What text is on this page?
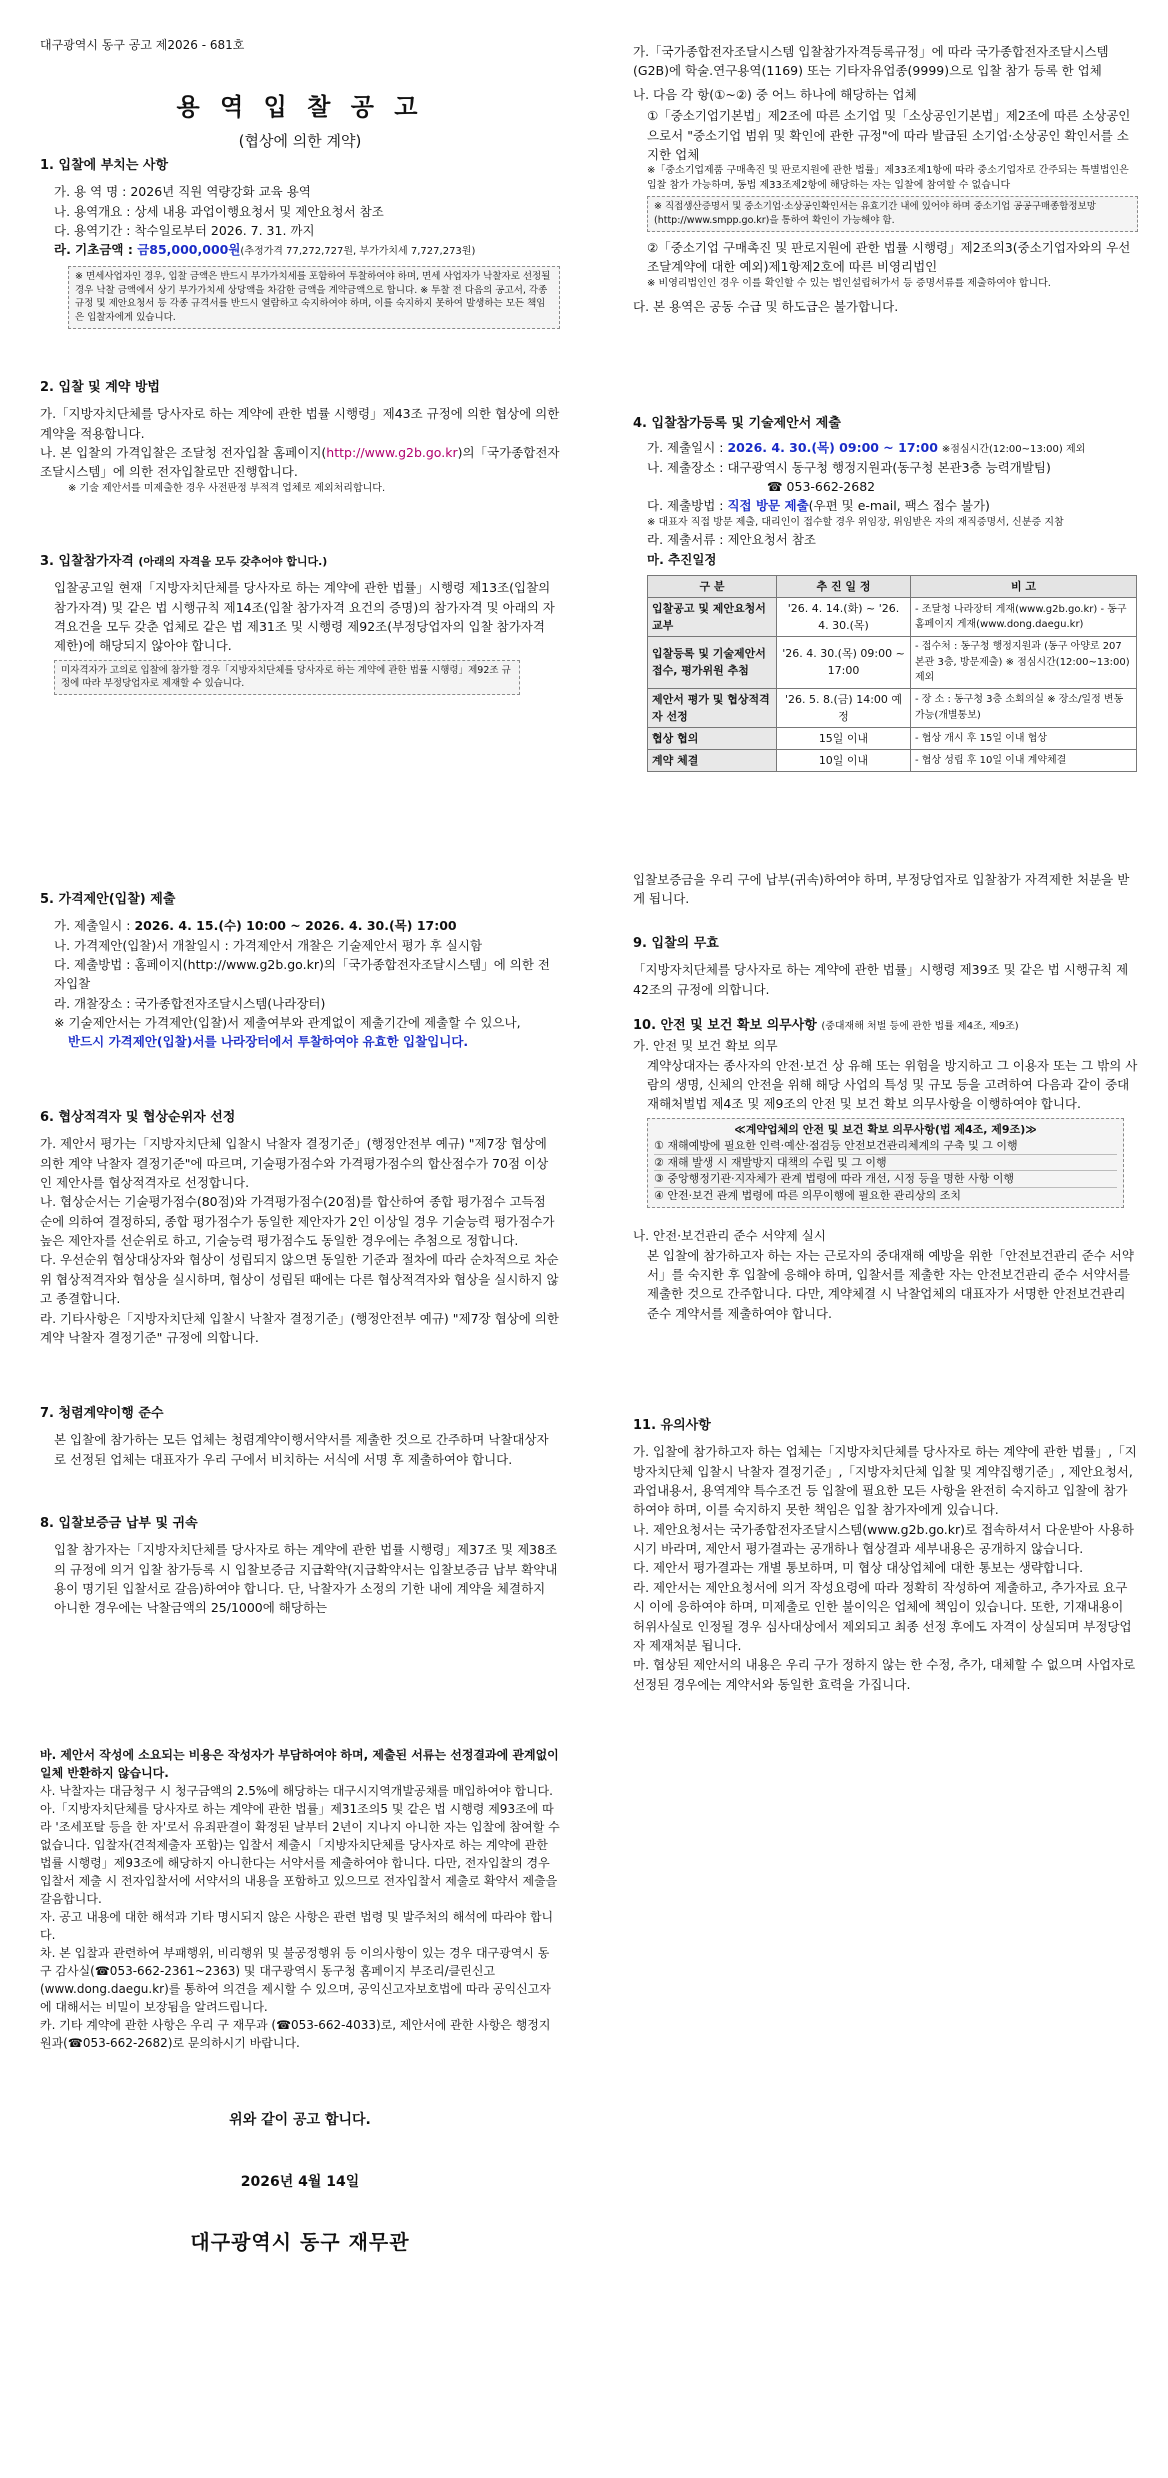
대구광역시 동구 공고 제2026 - 681호
용 역 입 찰 공 고
(협상에 의한 계약)
1. 입찰에 부치는 사항
가. 용 역 명 : 2026년 직원 역량강화 교육 용역
나. 용역개요 : 상세 내용 과업이행요청서 및 제안요청서 참조
다. 용역기간 : 착수일로부터 2026. 7. 31. 까지
라. 기초금액 : 금85,000,000원(추정가격 77,272,727원, 부가가치세 7,727,273원)
※ 면세사업자인 경우, 입찰 금액은 반드시 부가가치세를 포함하여 투찰하여야 하며, 면세 사업자가 낙찰자로 선정될 경우 낙찰 금액에서 상기 부가가치세 상당액을 차감한 금액을 계약금액으로 합니다. ※ 투찰 전 다음의 공고서, 각종 규정 및 제안요청서 등 각종 규격서를 반드시 열람하고 숙지하여야 하며, 이를 숙지하지 못하여 발생하는 모든 책임은 입찰자에게 있습니다.
2. 입찰 및 계약 방법
가.「지방자치단체를 당사자로 하는 계약에 관한 법률 시행령」제43조 규정에 의한 협상에 의한 계약을 적용합니다.
나. 본 입찰의 가격입찰은 조달청 전자입찰 홈페이지(http://www.g2b.go.kr)의「국가종합전자조달시스템」에 의한 전자입찰로만 진행합니다.
※ 기술 제안서를 미제출한 경우 사전판정 부적격 업체로 제외처리합니다.
3. 입찰참가자격 (아래의 자격을 모두 갖추어야 합니다.)
입찰공고일 현재「지방자치단체를 당사자로 하는 계약에 관한 법률」시행령 제13조(입찰의 참가자격) 및 같은 법 시행규칙 제14조(입찰 참가자격 요건의 증명)의 참가자격 및 아래의 자격요건을 모두 갖춘 업체로 같은 법 제31조 및 시행령 제92조(부정당업자의 입찰 참가자격 제한)에 해당되지 않아야 합니다.
미자격자가 고의로 입찰에 참가할 경우「지방자치단체를 당사자로 하는 계약에 관한 법률 시행령」제92조 규정에 따라 부정당업자로 제재할 수 있습니다.
5. 가격제안(입찰) 제출
가. 제출일시 : 2026. 4. 15.(수) 10:00 ~ 2026. 4. 30.(목) 17:00
나. 가격제안(입찰)서 개찰일시 : 가격제안서 개찰은 기술제안서 평가 후 실시함
다. 제출방법 : 홈페이지(http://www.g2b.go.kr)의「국가종합전자조달시스템」에 의한 전자입찰
라. 개찰장소 : 국가종합전자조달시스템(나라장터)
※ 기술제안서는 가격제안(입찰)서 제출여부와 관계없이 제출기간에 제출할 수 있으나,
반드시 가격제안(입찰)서를 나라장터에서 투찰하여야 유효한 입찰입니다.
6. 협상적격자 및 협상순위자 선정
가. 제안서 평가는「지방자치단체 입찰시 낙찰자 결정기준」(행정안전부 예규) "제7장 협상에 의한 계약 낙찰자 결정기준"에 따르며, 기술평가점수와 가격평가점수의 합산점수가 70점 이상인 제안사를 협상적격자로 선정합니다.
나. 협상순서는 기술평가점수(80점)와 가격평가점수(20점)를 합산하여 종합 평가점수 고득점 순에 의하여 결정하되, 종합 평가점수가 동일한 제안자가 2인 이상일 경우 기술능력 평가점수가 높은 제안자를 선순위로 하고, 기술능력 평가점수도 동일한 경우에는 추첨으로 정합니다.
다. 우선순위 협상대상자와 협상이 성립되지 않으면 동일한 기준과 절차에 따라 순차적으로 차순위 협상적격자와 협상을 실시하며, 협상이 성립된 때에는 다른 협상적격자와 협상을 실시하지 않고 종결합니다.
라. 기타사항은「지방자치단체 입찰시 낙찰자 결정기준」(행정안전부 예규) "제7장 협상에 의한 계약 낙찰자 결정기준" 규정에 의합니다.
7. 청렴계약이행 준수
본 입찰에 참가하는 모든 업체는 청렴계약이행서약서를 제출한 것으로 간주하며 낙찰대상자로 선정된 업체는 대표자가 우리 구에서 비치하는 서식에 서명 후 제출하여야 합니다.
8. 입찰보증금 납부 및 귀속
입찰 참가자는「지방자치단체를 당사자로 하는 계약에 관한 법률 시행령」제37조 및 제38조의 규정에 의거 입찰 참가등록 시 입찰보증금 지급확약(지급확약서는 입찰보증금 납부 확약내용이 명기된 입찰서로 갈음)하여야 합니다. 단, 낙찰자가 소정의 기한 내에 계약을 체결하지 아니한 경우에는 낙찰금액의 25/1000에 해당하는
바. 제안서 작성에 소요되는 비용은 작성자가 부담하여야 하며, 제출된 서류는 선정결과에 관계없이 일체 반환하지 않습니다.
사. 낙찰자는 대금청구 시 청구금액의 2.5%에 해당하는 대구시지역개발공채를 매입하여야 합니다.
아.「지방자치단체를 당사자로 하는 계약에 관한 법률」제31조의5 및 같은 법 시행령 제93조에 따라 '조세포탈 등을 한 자'로서 유죄판결이 확정된 날부터 2년이 지나지 아니한 자는 입찰에 참여할 수 없습니다. 입찰자(견적제출자 포함)는 입찰서 제출시「지방자치단체를 당사자로 하는 계약에 관한 법률 시행령」제93조에 해당하지 아니한다는 서약서를 제출하여야 합니다. 다만, 전자입찰의 경우 입찰서 제출 시 전자입찰서에 서약서의 내용을 포함하고 있으므로 전자입찰서 제출로 확약서 제출을 갈음합니다.
자. 공고 내용에 대한 해석과 기타 명시되지 않은 사항은 관련 법령 및 발주처의 해석에 따라야 합니다.
차. 본 입찰과 관련하여 부패행위, 비리행위 및 불공정행위 등 이의사항이 있는 경우 대구광역시 동구 감사실(☎053-662-2361~2363) 및 대구광역시 동구청 홈페이지 부조리/클린신고(www.dong.daegu.kr)를 통하여 의견을 제시할 수 있으며, 공익신고자보호법에 따라 공익신고자에 대해서는 비밀이 보장됨을 알려드립니다.
카. 기타 계약에 관한 사항은 우리 구 재무과 (☎053-662-4033)로, 제안서에 관한 사항은 행정지원과(☎053-662-2682)로 문의하시기 바랍니다.
위와 같이 공고 합니다.
2026년 4월 14일
대구광역시 동구 재무관
가.「국가종합전자조달시스템 입찰참가자격등록규정」에 따라 국가종합전자조달시스템(G2B)에 학술.연구용역(1169) 또는 기타자유업종(9999)으로 입찰 참가 등록 한 업체
나. 다음 각 항(①~②) 중 어느 하나에 해당하는 업체
①「중소기업기본법」제2조에 따른 소기업 및「소상공인기본법」제2조에 따른 소상공인으로서 "중소기업 범위 및 확인에 관한 규정"에 따라 발급된 소기업·소상공인 확인서를 소지한 업체
※「중소기업제품 구매촉진 및 판로지원에 관한 법률」제33조제1항에 따라 중소기업자로 간주되는 특별법인은 입찰 참가 가능하며, 동법 제33조제2항에 해당하는 자는 입찰에 참여할 수 없습니다
※ 직접생산증명서 및 중소기업·소상공인확인서는 유효기간 내에 있어야 하며 중소기업 공공구매종합정보망(http://www.smpp.go.kr)을 통하여 확인이 가능해야 함.
②「중소기업 구매촉진 및 판로지원에 관한 법률 시행령」제2조의3(중소기업자와의 우선조달계약에 대한 예외)제1항제2호에 따른 비영리법인
※ 비영리법인인 경우 이를 확인할 수 있는 법인설립허가서 등 증명서류를 제출하여야 합니다.
다. 본 용역은 공동 수급 및 하도급은 불가합니다.
4. 입찰참가등록 및 기술제안서 제출
가. 제출일시 : 2026. 4. 30.(목) 09:00 ~ 17:00 ※점심시간(12:00~13:00) 제외
나. 제출장소 : 대구광역시 동구청 행정지원과(동구청 본관3층 능력개발팀)
☎ 053-662-2682
다. 제출방법 : 직접 방문 제출(우편 및 e-mail, 팩스 접수 불가)
※ 대표자 직접 방문 제출, 대리인이 접수할 경우 위임장, 위임받은 자의 재직증명서, 신분증 지참
라. 제출서류 : 제안요청서 참조
마. 추진일정
구 분	추 진 일 정	비 고
입찰공고 및 제안요청서 교부	'26. 4. 14.(화) ~ '26. 4. 30.(목)	- 조달청 나라장터 게재(www.g2b.go.kr) - 동구 홈페이지 게재(www.dong.daegu.kr)
입찰등록 및 기술제안서 접수, 평가위원 추첨	'26. 4. 30.(목) 09:00 ~ 17:00	- 접수처 : 동구청 행정지원과 (동구 아양로 207 본관 3층, 방문제출) ※ 점심시간(12:00~13:00)제외
제안서 평가 및 협상적격자 선정	'26. 5. 8.(금) 14:00 예정	- 장 소 : 동구청 3층 소회의실 ※ 장소/일정 변동 가능(개별통보)
협상 협의	15일 이내	- 협상 개시 후 15일 이내 협상
계약 체결	10일 이내	- 협상 성립 후 10일 이내 계약체결
입찰보증금을 우리 구에 납부(귀속)하여야 하며, 부정당업자로 입찰참가 자격제한 처분을 받게 됩니다.
9. 입찰의 무효
「지방자치단체를 당사자로 하는 계약에 관한 법률」시행령 제39조 및 같은 법 시행규칙 제42조의 규정에 의합니다.
10. 안전 및 보건 확보 의무사항 (중대재해 처벌 등에 관한 법률 제4조, 제9조)
가. 안전 및 보건 확보 의무
계약상대자는 종사자의 안전·보건 상 유해 또는 위험을 방지하고 그 이용자 또는 그 밖의 사람의 생명, 신체의 안전을 위해 해당 사업의 특성 및 규모 등을 고려하여 다음과 같이 중대재해처벌법 제4조 및 제9조의 안전 및 보건 확보 의무사항을 이행하여야 합니다.
≪계약업체의 안전 및 보건 확보 의무사항(법 제4조, 제9조)≫
① 재해예방에 필요한 인력·예산·점검등 안전보건관리체계의 구축 및 그 이행
② 재해 발생 시 재발방지 대책의 수립 및 그 이행
③ 중앙행정기관·지자체가 관계 법령에 따라 개선, 시정 등을 명한 사항 이행
④ 안전·보건 관계 법령에 따른 의무이행에 필요한 관리상의 조치
나. 안전·보건관리 준수 서약제 실시
본 입찰에 참가하고자 하는 자는 근로자의 중대재해 예방을 위한「안전보건관리 준수 서약서」를 숙지한 후 입찰에 응해야 하며, 입찰서를 제출한 자는 안전보건관리 준수 서약서를 제출한 것으로 간주합니다. 다만, 계약체결 시 낙찰업체의 대표자가 서명한 안전보건관리 준수 계약서를 제출하여야 합니다.
11. 유의사항
가. 입찰에 참가하고자 하는 업체는「지방자치단체를 당사자로 하는 계약에 관한 법률」,「지방자치단체 입찰시 낙찰자 결정기준」,「지방자치단체 입찰 및 계약집행기준」, 제안요청서, 과업내용서, 용역계약 특수조건 등 입찰에 필요한 모든 사항을 완전히 숙지하고 입찰에 참가하여야 하며, 이를 숙지하지 못한 책임은 입찰 참가자에게 있습니다.
나. 제안요청서는 국가종합전자조달시스템(www.g2b.go.kr)로 접속하셔서 다운받아 사용하시기 바라며, 제안서 평가결과는 공개하나 협상결과 세부내용은 공개하지 않습니다.
다. 제안서 평가결과는 개별 통보하며, 미 협상 대상업체에 대한 통보는 생략합니다.
라. 제안서는 제안요청서에 의거 작성요령에 따라 정확히 작성하여 제출하고, 추가자료 요구 시 이에 응하여야 하며, 미제출로 인한 불이익은 업체에 책임이 있습니다. 또한, 기재내용이 허위사실로 인정될 경우 심사대상에서 제외되고 최종 선정 후에도 자격이 상실되며 부정당업자 제재처분 됩니다.
마. 협상된 제안서의 내용은 우리 구가 정하지 않는 한 수정, 추가, 대체할 수 없으며 사업자로 선정된 경우에는 계약서와 동일한 효력을 가집니다.
